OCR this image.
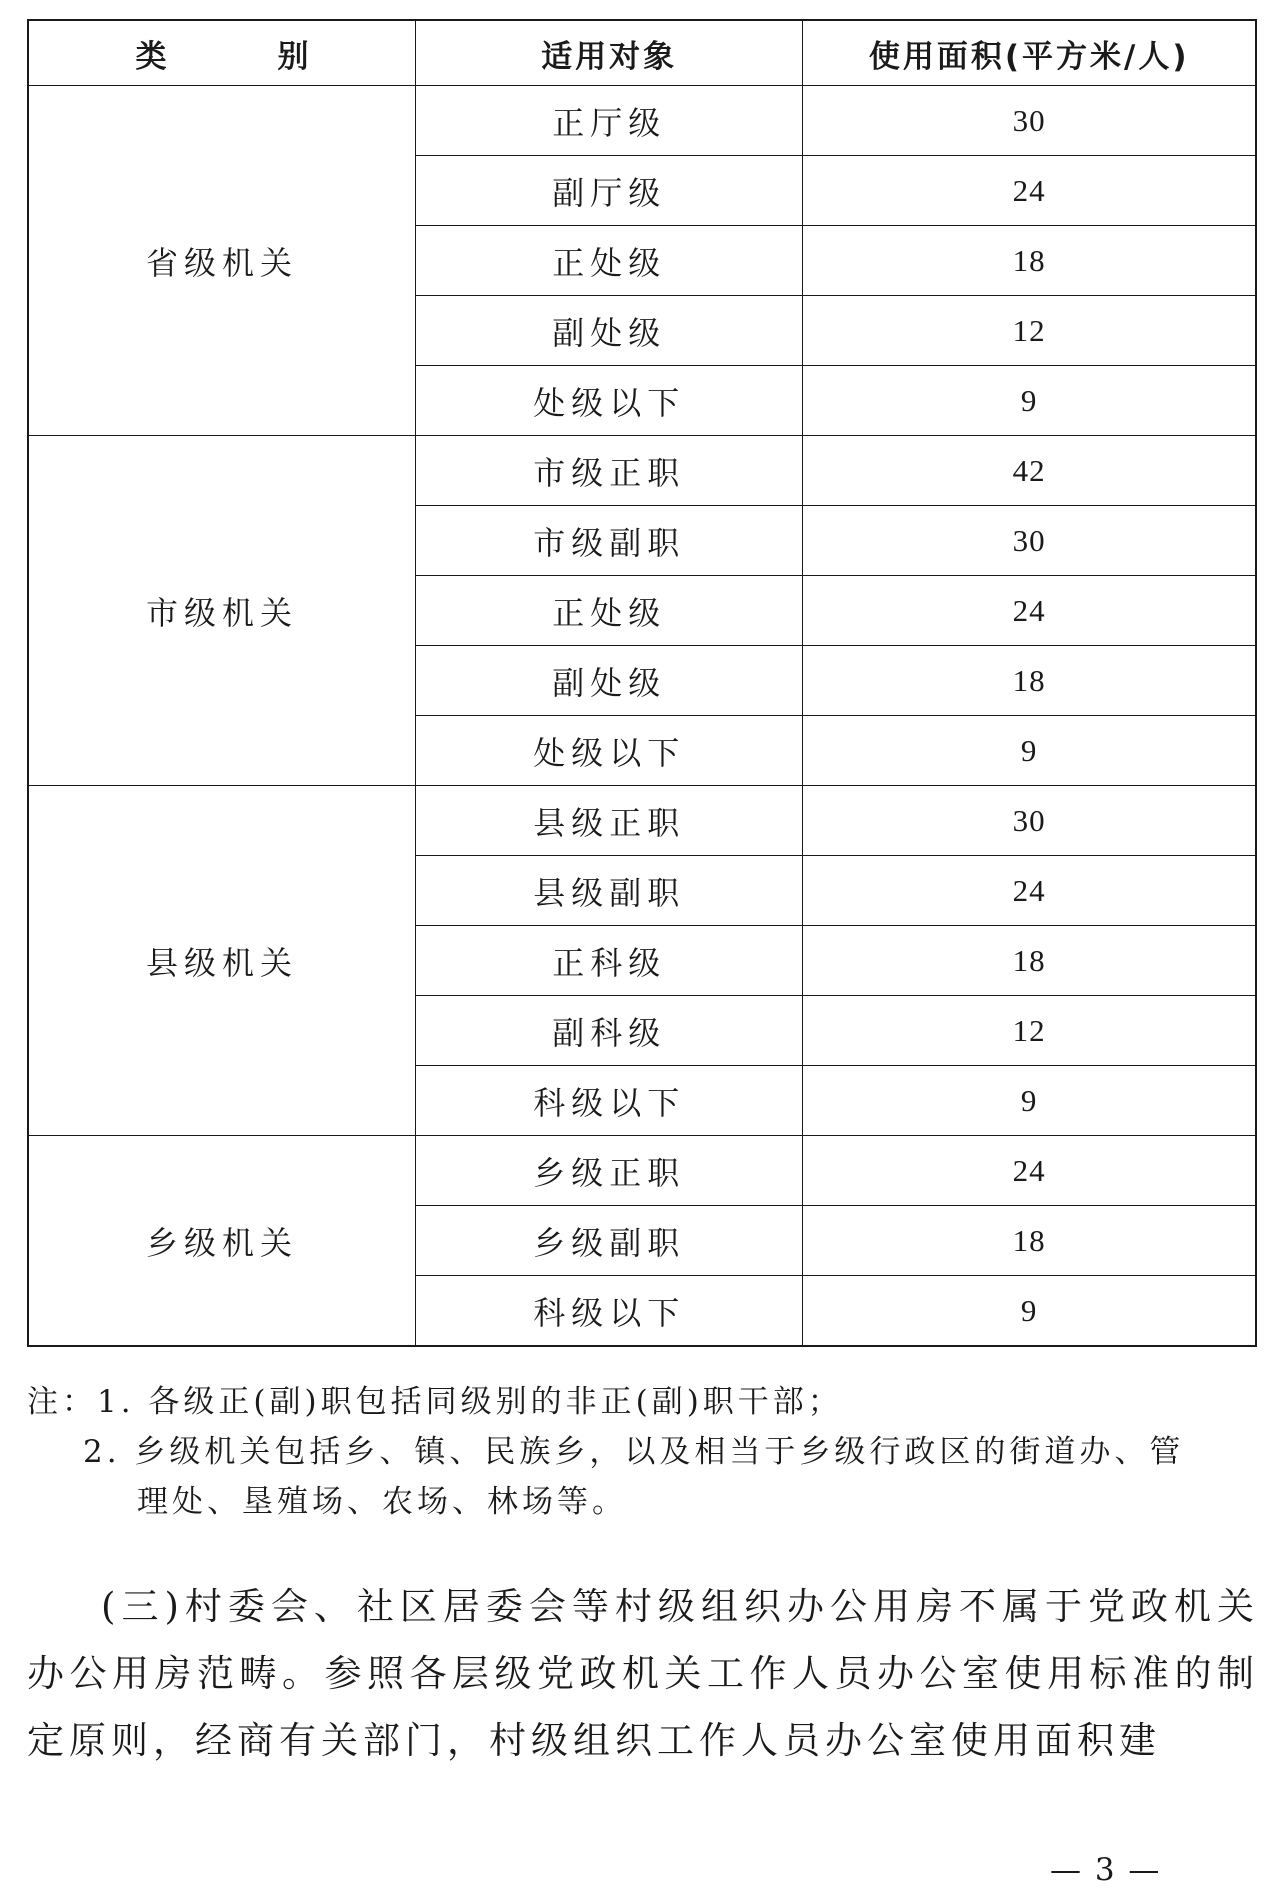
类　别	适用对象	使用面积(平方米/人)
省级机关	正厅级	30
	副厅级	24
	正处级	18
	副处级	12
	处级以下	9
市级机关	市级正职	42
	市级副职	30
	正处级	24
	副处级	18
	处级以下	9
县级机关	县级正职	30
	县级副职	24
	正科级	18
	副科级	12
	科级以下	9
乡级机关	乡级正职	24
	乡级副职	18
	科级以下	9
注：1. 各级正(副)职包括同级别的非正(副)职干部；
2. 乡级机关包括乡、镇、民族乡，以及相当于乡级行政区的街道办、管
理处、垦殖场、农场、林场等。
(三)村委会、社区居委会等村级组织办公用房不属于党政机关办公用房范畴。参照各层级党政机关工作人员办公室使用标准的制定原则，经商有关部门，村级组织工作人员办公室使用面积建
— 3 —
